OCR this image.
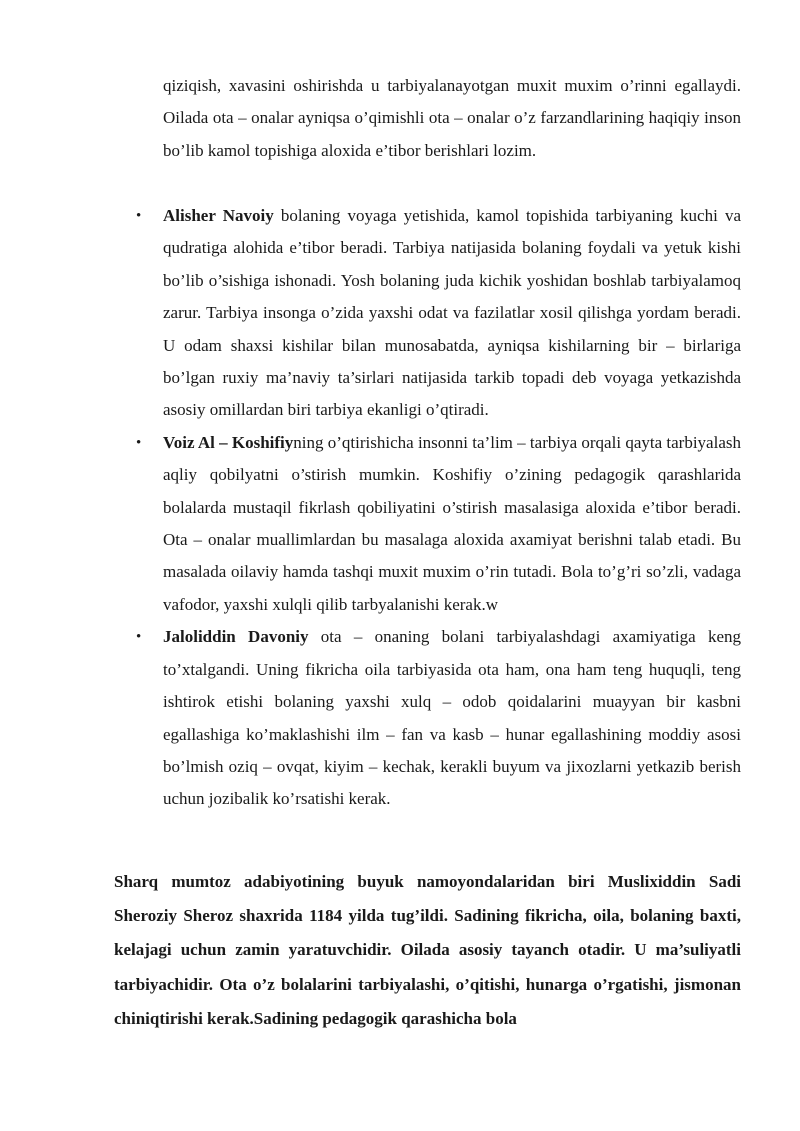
qiziqish, xavasini oshirishda u tarbiyalanayotgan muxit muxim o’rinni egallaydi. Oilada ota – onalar ayniqsa o’qimishli ota – onalar o’z farzandlarining haqiqiy inson bo’lib kamol topishiga aloxida e’tibor berishlari lozim.

• Alisher Navoiy bolaning voyaga yetishida, kamol topishida tarbiyaning kuchi va qudratiga alohida e’tibor beradi. Tarbiya natijasida bolaning foydali va yetuk kishi bo’lib o’sishiga ishonadi. Yosh bolaning juda kichik yoshidan boshlab tarbiyalamoq zarur. Tarbiya insonga o’zida yaxshi odat va fazilatlar xosil qilishga yordam beradi. U odam shaxsi kishilar bilan munosabatda, ayniqsa kishilarning bir – birlariga bo’lgan ruxiy ma’naviy ta’sirlari natijasida tarkib topadi deb voyaga yetkazishda asosiy omillardan biri tarbiya ekanligi o’qtiradi.
• Voiz Al – Koshifiyning o’qtirishicha insonni ta’lim – tarbiya orqali qayta tarbiyalash aqliy qobilyatni o’stirish mumkin. Koshifiy o’zining pedagogik qarashlarida bolalarda mustaqil fikrlash qobiliyatini o’stirish masalasiga aloxida e’tibor beradi. Ota – onalar muallimlardan bu masalaga aloxida axamiyat berishni talab etadi. Bu masalada oilaviy hamda tashqi muxit muxim o’rin tutadi. Bola to’g’ri so’zli, vadaga vafodor, yaxshi xulqli qilib tarbyalanishi kerak.w
• Jaloliddin Davoniy ota – onaning bolani tarbiyalashdagi axamiyatiga keng to’xtalgandi. Uning fikricha oila tarbiyasida ota ham, ona ham teng huquqli, teng ishtirok etishi bolaning yaxshi xulq – odob qoidalarini muayyan bir kasbni egallashiga ko’maklashishi ilm – fan va kasb – hunar egallashining moddiy asosi bo’lmish oziq – ovqat, kiyim – kechak, kerakli buyum va jixozlarni yetkazib berish uchun jozibalik ko’rsatishi kerak.

Sharq mumtoz adabiyotining buyuk namoyondalaridan biri Muslixiddin Sadi Sheroziy Sheroz shaxrida 1184 yilda tug’ildi. Sadining fikricha, oila, bolaning baxti, kelajagi uchun zamin yaratuvchidir. Oilada asosiy tayanch otadir. U ma’suliyatli tarbiyachidir. Ota o’z bolalarini tarbiyalashi, o’qitishi, hunarga o’rgatishi, jismonan chiniqtirishi kerak.Sadining pedagogik qarashicha bola
